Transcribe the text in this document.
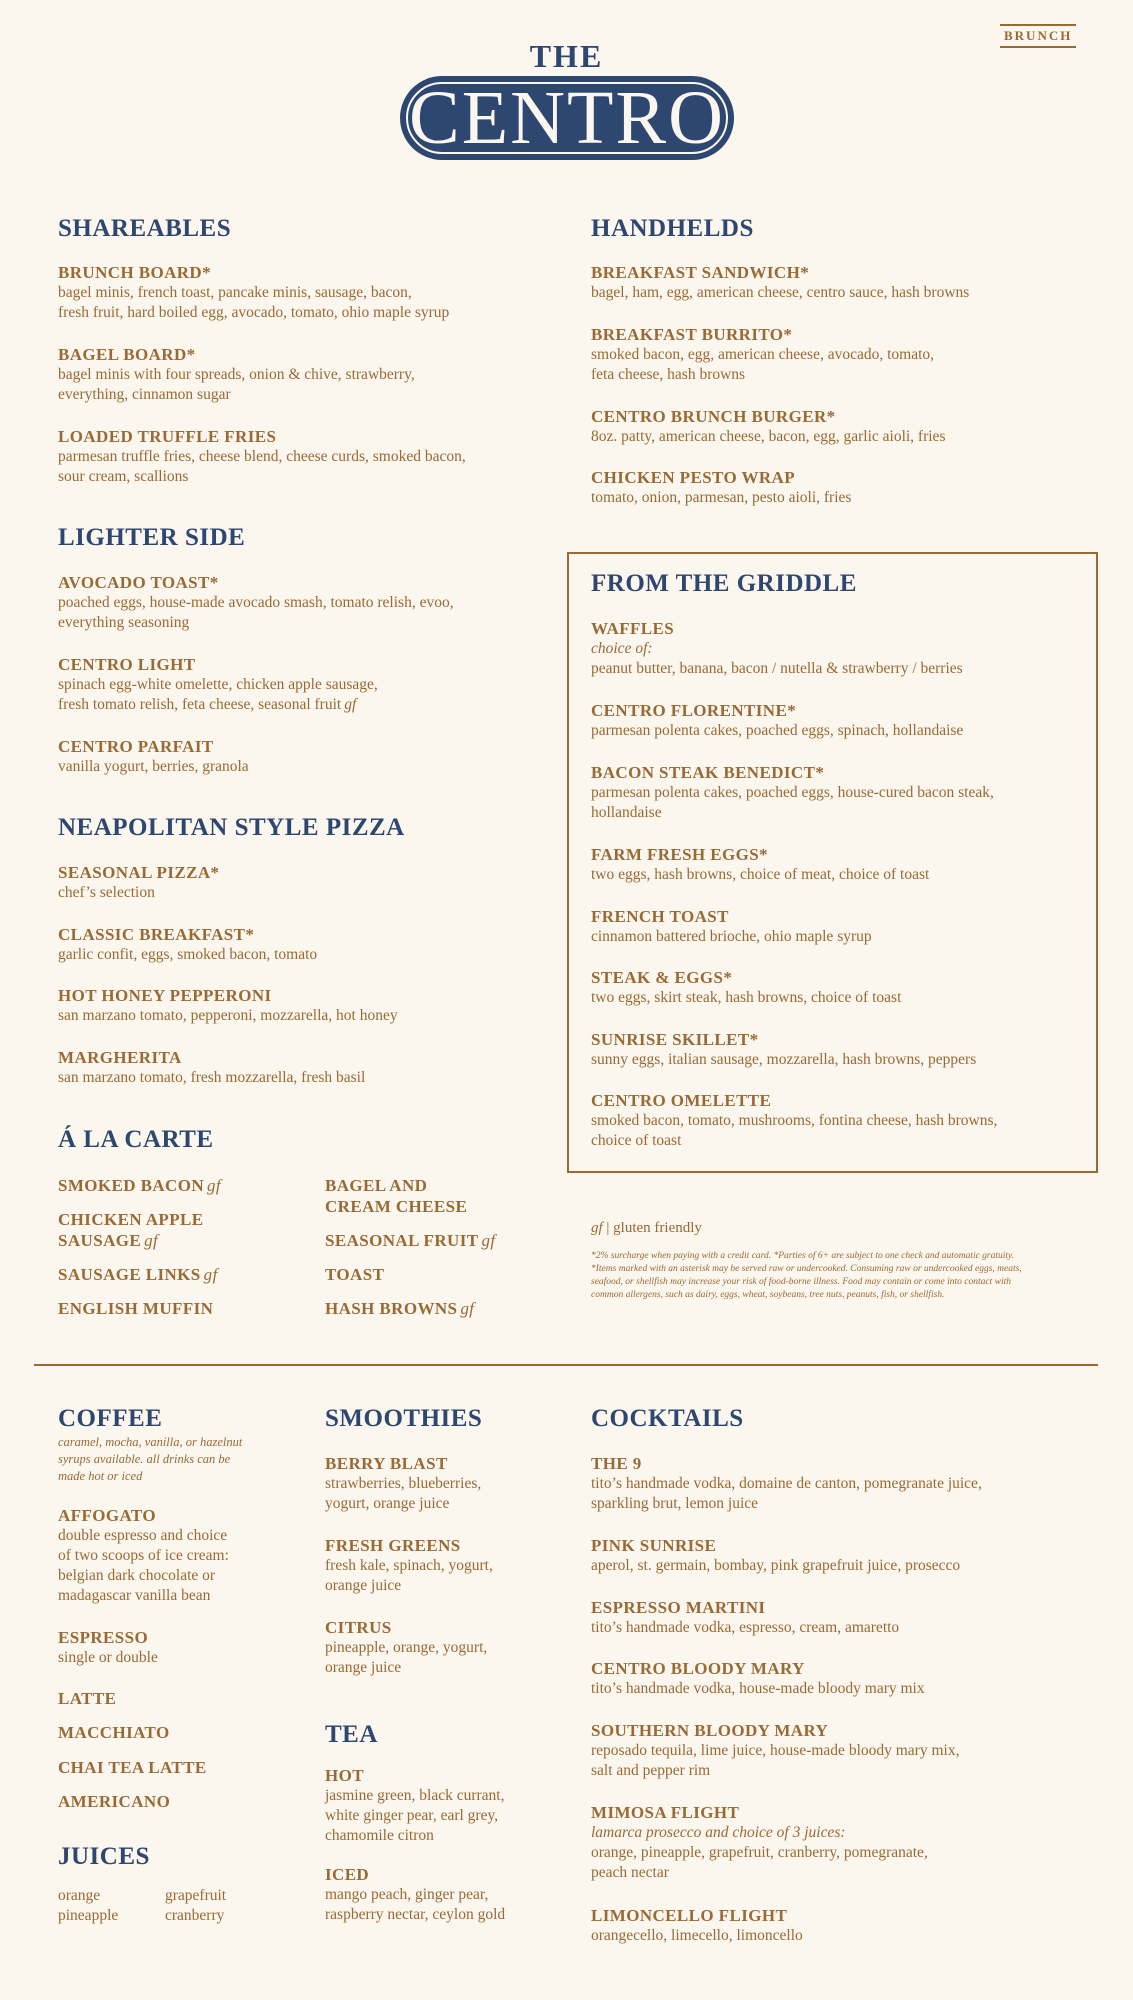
BRUNCH
THE
CENTRO
SHAREABLES
BRUNCH BOARD*
bagel minis, french toast, pancake minis, sausage, bacon,
fresh fruit, hard boiled egg, avocado, tomato, ohio maple syrup
BAGEL BOARD*
bagel minis with four spreads, onion & chive, strawberry,
everything, cinnamon sugar
LOADED TRUFFLE FRIES
parmesan truffle fries, cheese blend, cheese curds, smoked bacon,
sour cream, scallions
LIGHTER SIDE
AVOCADO TOAST*
poached eggs, house-made avocado smash, tomato relish, evoo,
everything seasoning
CENTRO LIGHT
spinach egg-white omelette, chicken apple sausage,
fresh tomato relish, feta cheese, seasonal fruit gf
CENTRO PARFAIT
vanilla yogurt, berries, granola
NEAPOLITAN STYLE PIZZA
SEASONAL PIZZA*
chef’s selection
CLASSIC BREAKFAST*
garlic confit, eggs, smoked bacon, tomato
HOT HONEY PEPPERONI
san marzano tomato, pepperoni, mozzarella, hot honey
MARGHERITA
san marzano tomato, fresh mozzarella, fresh basil
Á LA CARTE
SMOKED BACON gf
CHICKEN APPLE
SAUSAGE gf
SAUSAGE LINKS gf
ENGLISH MUFFIN
BAGEL AND
CREAM CHEESE
SEASONAL FRUIT gf
TOAST
HASH BROWNS gf
HANDHELDS
BREAKFAST SANDWICH*
bagel, ham, egg, american cheese, centro sauce, hash browns
BREAKFAST BURRITO*
smoked bacon, egg, american cheese, avocado, tomato,
feta cheese, hash browns
CENTRO BRUNCH BURGER*
8oz. patty, american cheese, bacon, egg, garlic aioli, fries
CHICKEN PESTO WRAP
tomato, onion, parmesan, pesto aioli, fries
FROM THE GRIDDLE
WAFFLES
choice of:
peanut butter, banana, bacon / nutella & strawberry / berries
CENTRO FLORENTINE*
parmesan polenta cakes, poached eggs, spinach, hollandaise
BACON STEAK BENEDICT*
parmesan polenta cakes, poached eggs, house-cured bacon steak,
hollandaise
FARM FRESH EGGS*
two eggs, hash browns, choice of meat, choice of toast
FRENCH TOAST
cinnamon battered brioche, ohio maple syrup
STEAK & EGGS*
two eggs, skirt steak, hash browns, choice of toast
SUNRISE SKILLET*
sunny eggs, italian sausage, mozzarella, hash browns, peppers
CENTRO OMELETTE
smoked bacon, tomato, mushrooms, fontina cheese, hash browns,
choice of toast
gf | gluten friendly
*2% surcharge when paying with a credit card. *Parties of 6+ are subject to one check and automatic gratuity.
*Items marked with an asterisk may be served raw or undercooked. Consuming raw or undercooked eggs, meats,
seafood, or shellfish may increase your risk of food-borne illness. Food may contain or come into contact with
common allergens, such as dairy, eggs, wheat, soybeans, tree nuts, peanuts, fish, or shellfish.
COFFEE
caramel, mocha, vanilla, or hazelnut
syrups available. all drinks can be
made hot or iced
AFFOGATO
double espresso and choice
of two scoops of ice cream:
belgian dark chocolate or
madagascar vanilla bean
ESPRESSO
single or double
LATTE
MACCHIATO
CHAI TEA LATTE
AMERICANO
JUICES
orange
pineapple
grapefruit
cranberry
SMOOTHIES
BERRY BLAST
strawberries, blueberries,
yogurt, orange juice
FRESH GREENS
fresh kale, spinach, yogurt,
orange juice
CITRUS
pineapple, orange, yogurt,
orange juice
TEA
HOT
jasmine green, black currant,
white ginger pear, earl grey,
chamomile citron
ICED
mango peach, ginger pear,
raspberry nectar, ceylon gold
COCKTAILS
THE 9
tito’s handmade vodka, domaine de canton, pomegranate juice,
sparkling brut, lemon juice
PINK SUNRISE
aperol, st. germain, bombay, pink grapefruit juice, prosecco
ESPRESSO MARTINI
tito’s handmade vodka, espresso, cream, amaretto
CENTRO BLOODY MARY
tito’s handmade vodka, house-made bloody mary mix
SOUTHERN BLOODY MARY
reposado tequila, lime juice, house-made bloody mary mix,
salt and pepper rim
MIMOSA FLIGHT
lamarca prosecco and choice of 3 juices:
orange, pineapple, grapefruit, cranberry, pomegranate,
peach nectar
LIMONCELLO FLIGHT
orangecello, limecello, limoncello
